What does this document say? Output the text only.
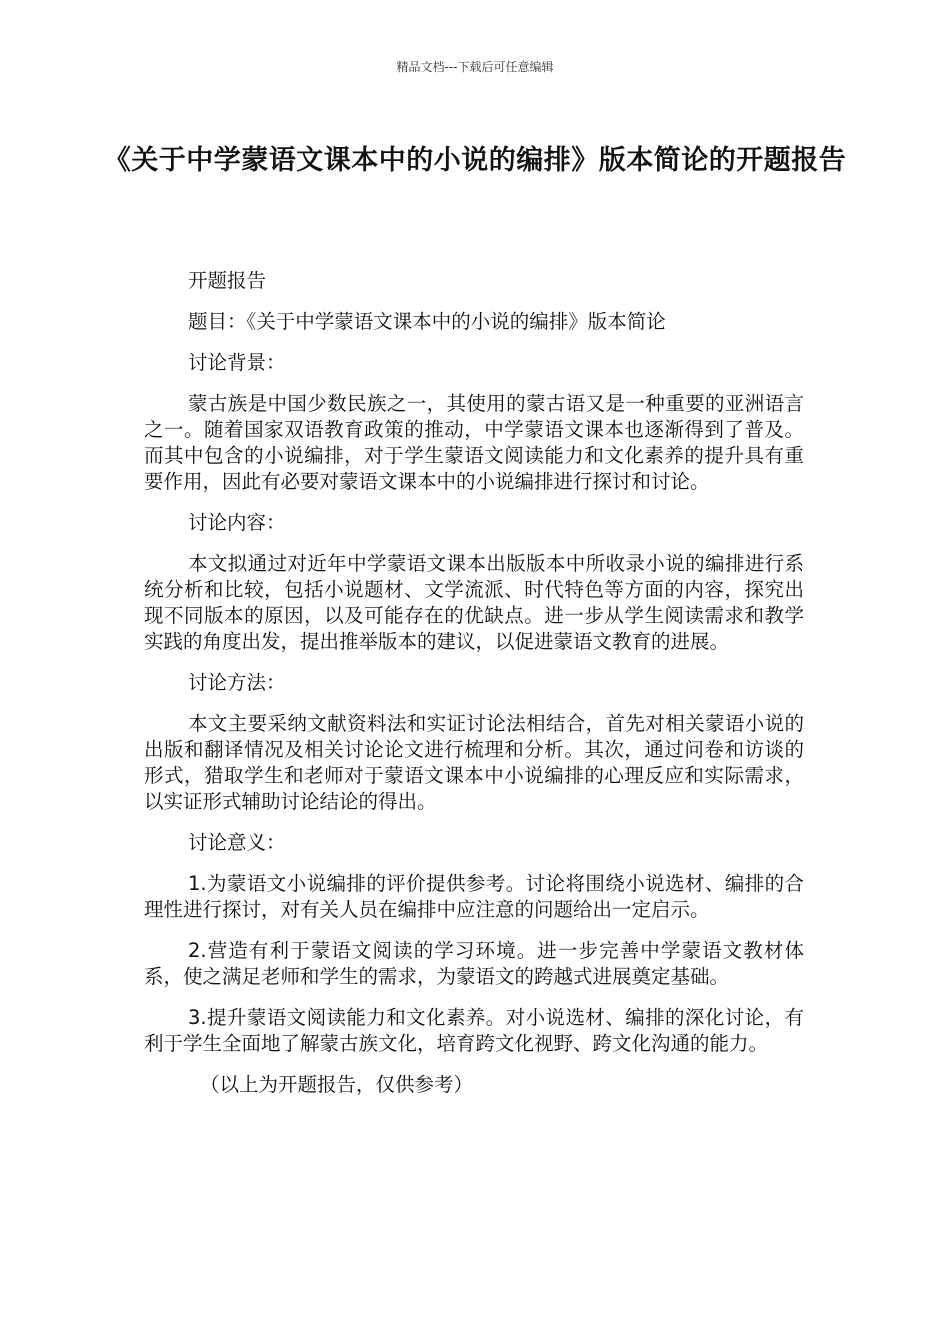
精品文档---下载后可任意编辑
《关于中学蒙语文课本中的小说的编排》版本简论的开题报告

开题报告

题目：《关于中学蒙语文课本中的小说的编排》版本简论

讨论背景：

蒙古族是中国少数民族之一，其使用的蒙古语又是一种重要的亚洲语言之一。随着国家双语教育政策的推动，中学蒙语文课本也逐渐得到了普及。而其中包含的小说编排，对于学生蒙语文阅读能力和文化素养的提升具有重要作用，因此有必要对蒙语文课本中的小说编排进行探讨和讨论。

讨论内容：

本文拟通过对近年中学蒙语文课本出版版本中所收录小说的编排进行系统分析和比较，包括小说题材、文学流派、时代特色等方面的内容，探究出现不同版本的原因，以及可能存在的优缺点。进一步从学生阅读需求和教学实践的角度出发，提出推举版本的建议，以促进蒙语文教育的进展。

讨论方法：

本文主要采纳文献资料法和实证讨论法相结合，首先对相关蒙语小说的出版和翻译情况及相关讨论论文进行梳理和分析。其次，通过问卷和访谈的形式，猎取学生和老师对于蒙语文课本中小说编排的心理反应和实际需求，以实证形式辅助讨论结论的得出。

讨论意义：

1.为蒙语文小说编排的评价提供参考。讨论将围绕小说选材、编排的合理性进行探讨，对有关人员在编排中应注意的问题给出一定启示。

2.营造有利于蒙语文阅读的学习环境。进一步完善中学蒙语文教材体系，使之满足老师和学生的需求，为蒙语文的跨越式进展奠定基础。

3.提升蒙语文阅读能力和文化素养。对小说选材、编排的深化讨论，有利于学生全面地了解蒙古族文化，培育跨文化视野、跨文化沟通的能力。

（以上为开题报告，仅供参考）
